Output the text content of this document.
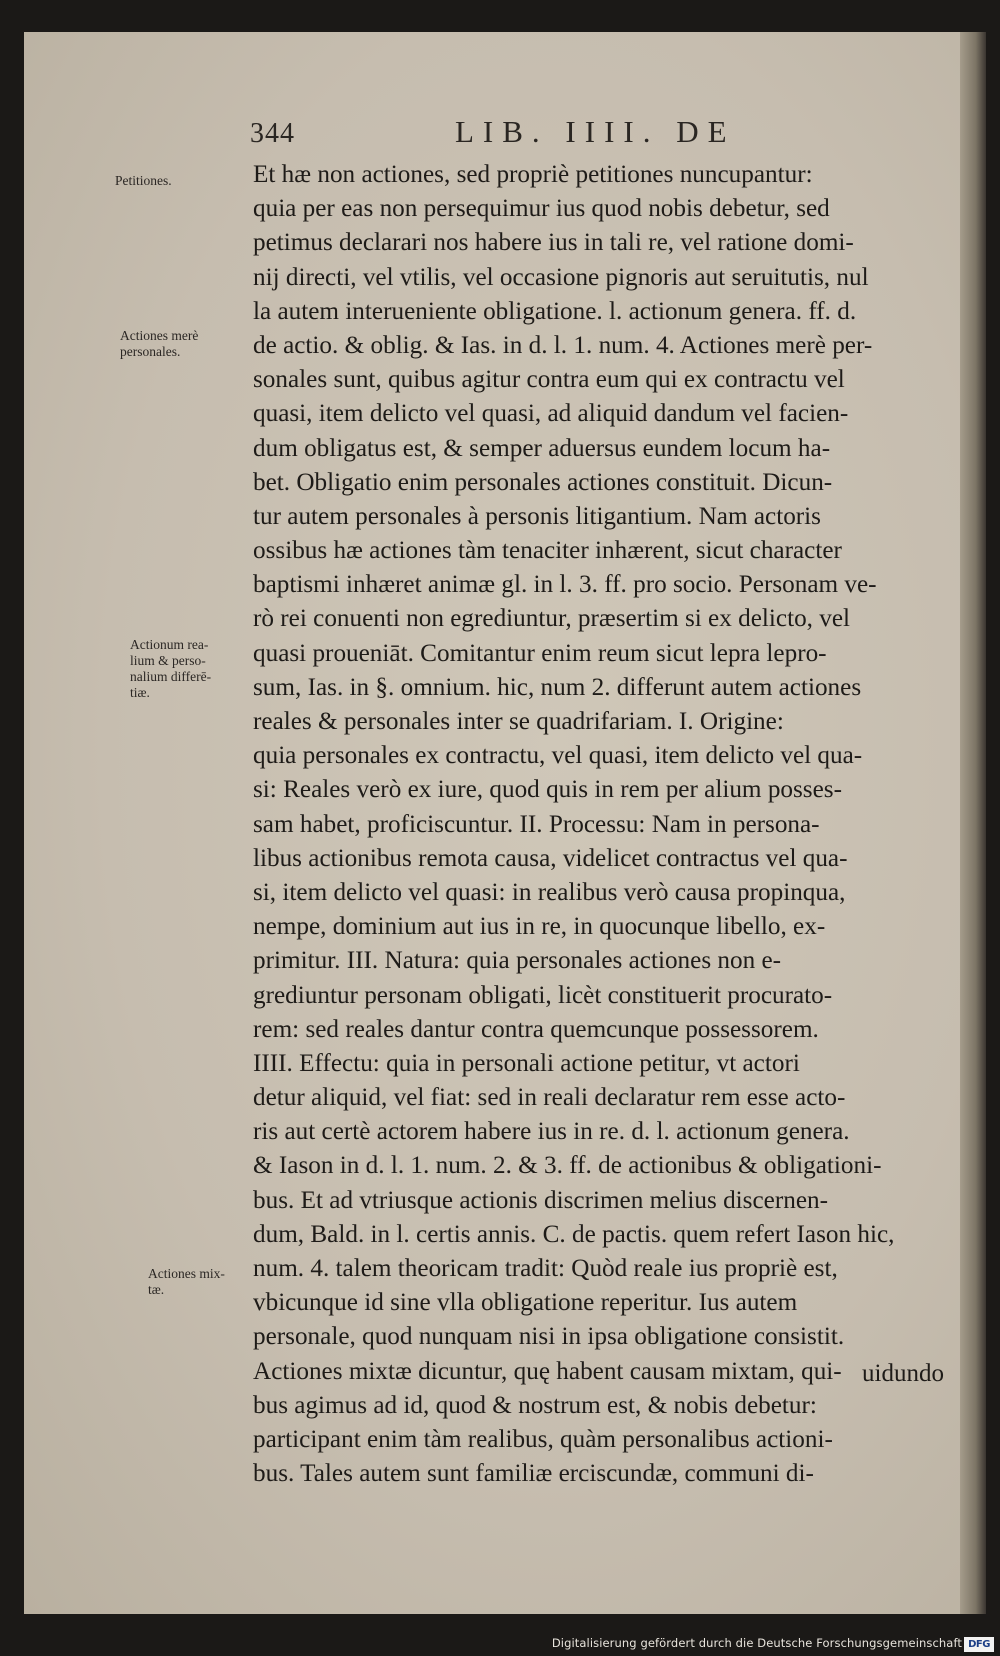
344	LIB. IIII. DE
Petitiones.
Actiones merè
personales.
Actionum rea-
lium & perso-
nalium differē-
tiæ.
Actiones mix-
tæ.
Et hæ non actiones, sed propriè petitiones nuncupantur:
quia per eas non persequimur ius quod nobis debetur, sed
petimus declarari nos habere ius in tali re, vel ratione domi-
nij directi, vel vtilis, vel occasione pignoris aut seruitutis, nul
la autem interueniente obligatione. l. actionum genera. ff. d.
de actio. & oblig. & Ias. in d. l. 1. num. 4. Actiones merè per-
sonales sunt, quibus agitur contra eum qui ex contractu vel
quasi, item delicto vel quasi, ad aliquid dandum vel facien-
dum obligatus est, & semper aduersus eundem locum ha-
bet. Obligatio enim personales actiones constituit. Dicun-
tur autem personales à personis litigantium. Nam actoris
ossibus hæ actiones tàm tenaciter inhærent, sicut character
baptismi inhæret animæ gl. in l. 3. ff. pro socio. Personam ve-
rò rei conuenti non egrediuntur, præsertim si ex delicto, vel
quasi proueniāt. Comitantur enim reum sicut lepra lepro-
sum, Ias. in §. omnium. hic, num 2. differunt autem actiones
reales & personales inter se quadrifariam. I. Origine:
quia personales ex contractu, vel quasi, item delicto vel qua-
si: Reales verò ex iure, quod quis in rem per alium posses-
sam habet, proficiscuntur. II. Processu: Nam in persona-
libus actionibus remota causa, videlicet contractus vel qua-
si, item delicto vel quasi: in realibus verò causa propinqua,
nempe, dominium aut ius in re, in quocunque libello, ex-
primitur. III. Natura: quia personales actiones non e-
grediuntur personam obligati, licèt constituerit procurato-
rem: sed reales dantur contra quemcunque possessorem.
IIII. Effectu: quia in personali actione petitur, vt actori
detur aliquid, vel fiat: sed in reali declaratur rem esse acto-
ris aut certè actorem habere ius in re. d. l. actionum genera.
& Iason in d. l. 1. num. 2. & 3. ff. de actionibus & obligationi-
bus. Et ad vtriusque actionis discrimen melius discernen-
dum, Bald. in l. certis annis. C. de pactis. quem refert Iason hic,
num. 4. talem theoricam tradit: Quòd reale ius propriè est,
vbicunque id sine vlla obligatione reperitur. Ius autem
personale, quod nunquam nisi in ipsa obligatione consistit.
Actiones mixtæ dicuntur, quę habent causam mixtam, qui-
bus agimus ad id, quod & nostrum est, & nobis debetur:
participant enim tàm realibus, quàm personalibus actioni-
bus. Tales autem sunt familiæ erciscundæ, communi di-
uidundo
Digitalisierung gefördert durch die Deutsche Forschungsgemeinschaft DFG
